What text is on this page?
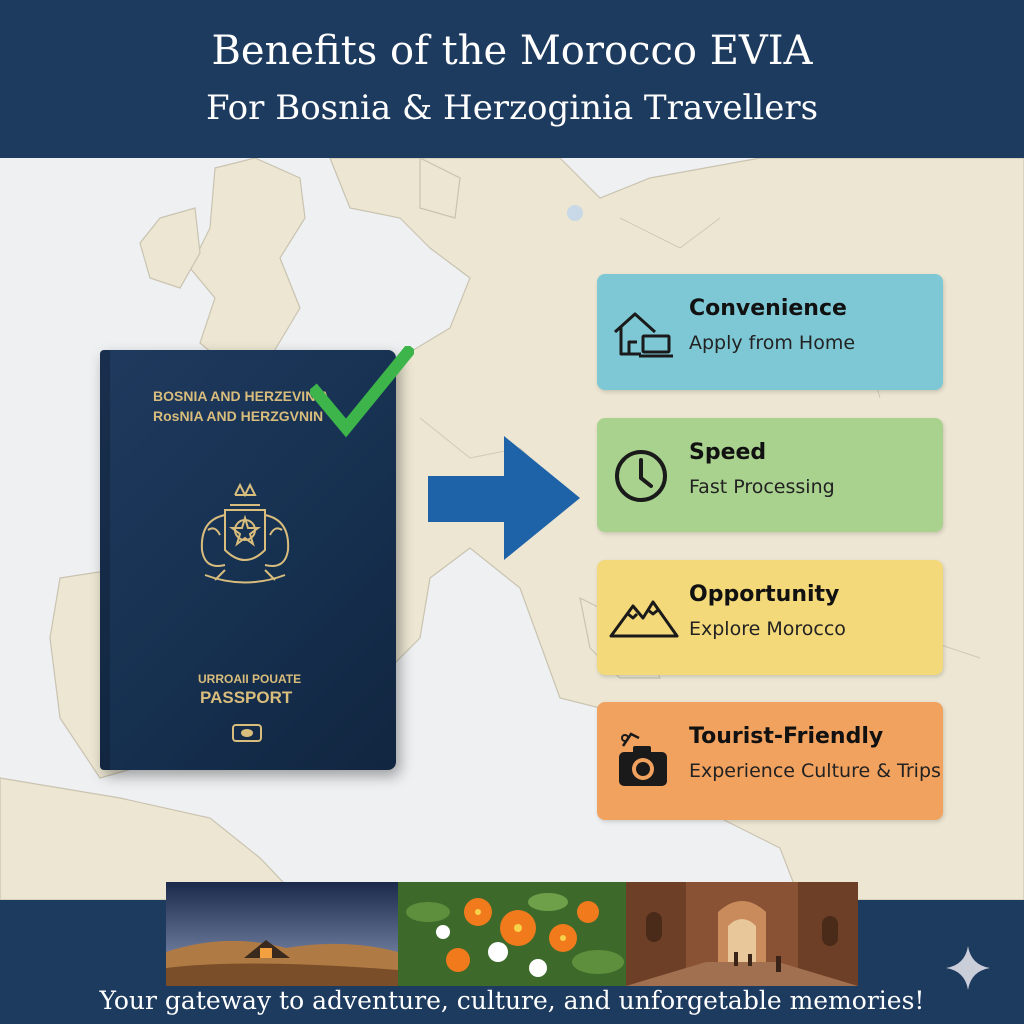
Benefits of the Morocco EVIA
For Bosnia & Herzoginia Travellers
BOSNIA AND HERZEVINIA
RosNIA AND HERZGVNIN
URROAII POUATE
PASSPORT
Convenience
Apply from Home
Speed
Fast Processing
Opportunity
Explore Morocco
Tourist-Friendly
Experience Culture & Trips
Your gateway to adventure, culture, and unforgetable memories!
